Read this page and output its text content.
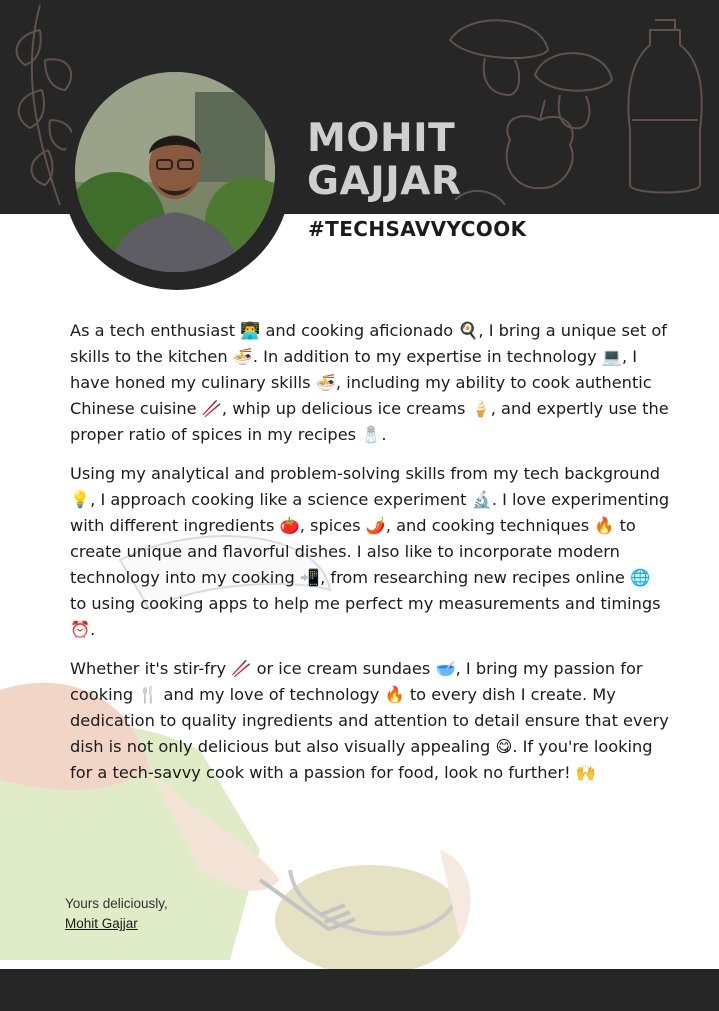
MOHIT
GAJJAR
#TECHSAVVYCOOK

As a tech enthusiast 👨‍💻 and cooking aficionado 🍳, I bring a unique set of skills to the kitchen 🍜. In addition to my expertise in technology 💻, I have honed my culinary skills 🍜, including my ability to cook authentic Chinese cuisine 🥢, whip up delicious ice creams 🍦, and expertly use the proper ratio of spices in my recipes 🧂.

Using my analytical and problem-solving skills from my tech background 💡, I approach cooking like a science experiment 🔬. I love experimenting with different ingredients 🍅, spices 🌶️, and cooking techniques 🔥 to create unique and flavorful dishes. I also like to incorporate modern technology into my cooking 📲, from researching new recipes online 🌐 to using cooking apps to help me perfect my measurements and timings ⏰.

Whether it's stir-fry 🥢 or ice cream sundaes 🥣, I bring my passion for cooking 🍴 and my love of technology 🔥 to every dish I create. My dedication to quality ingredients and attention to detail ensure that every dish is not only delicious but also visually appealing 😋. If you're looking for a tech-savvy cook with a passion for food, look no further! 🙌

Yours deliciously,
Mohit Gajjar
